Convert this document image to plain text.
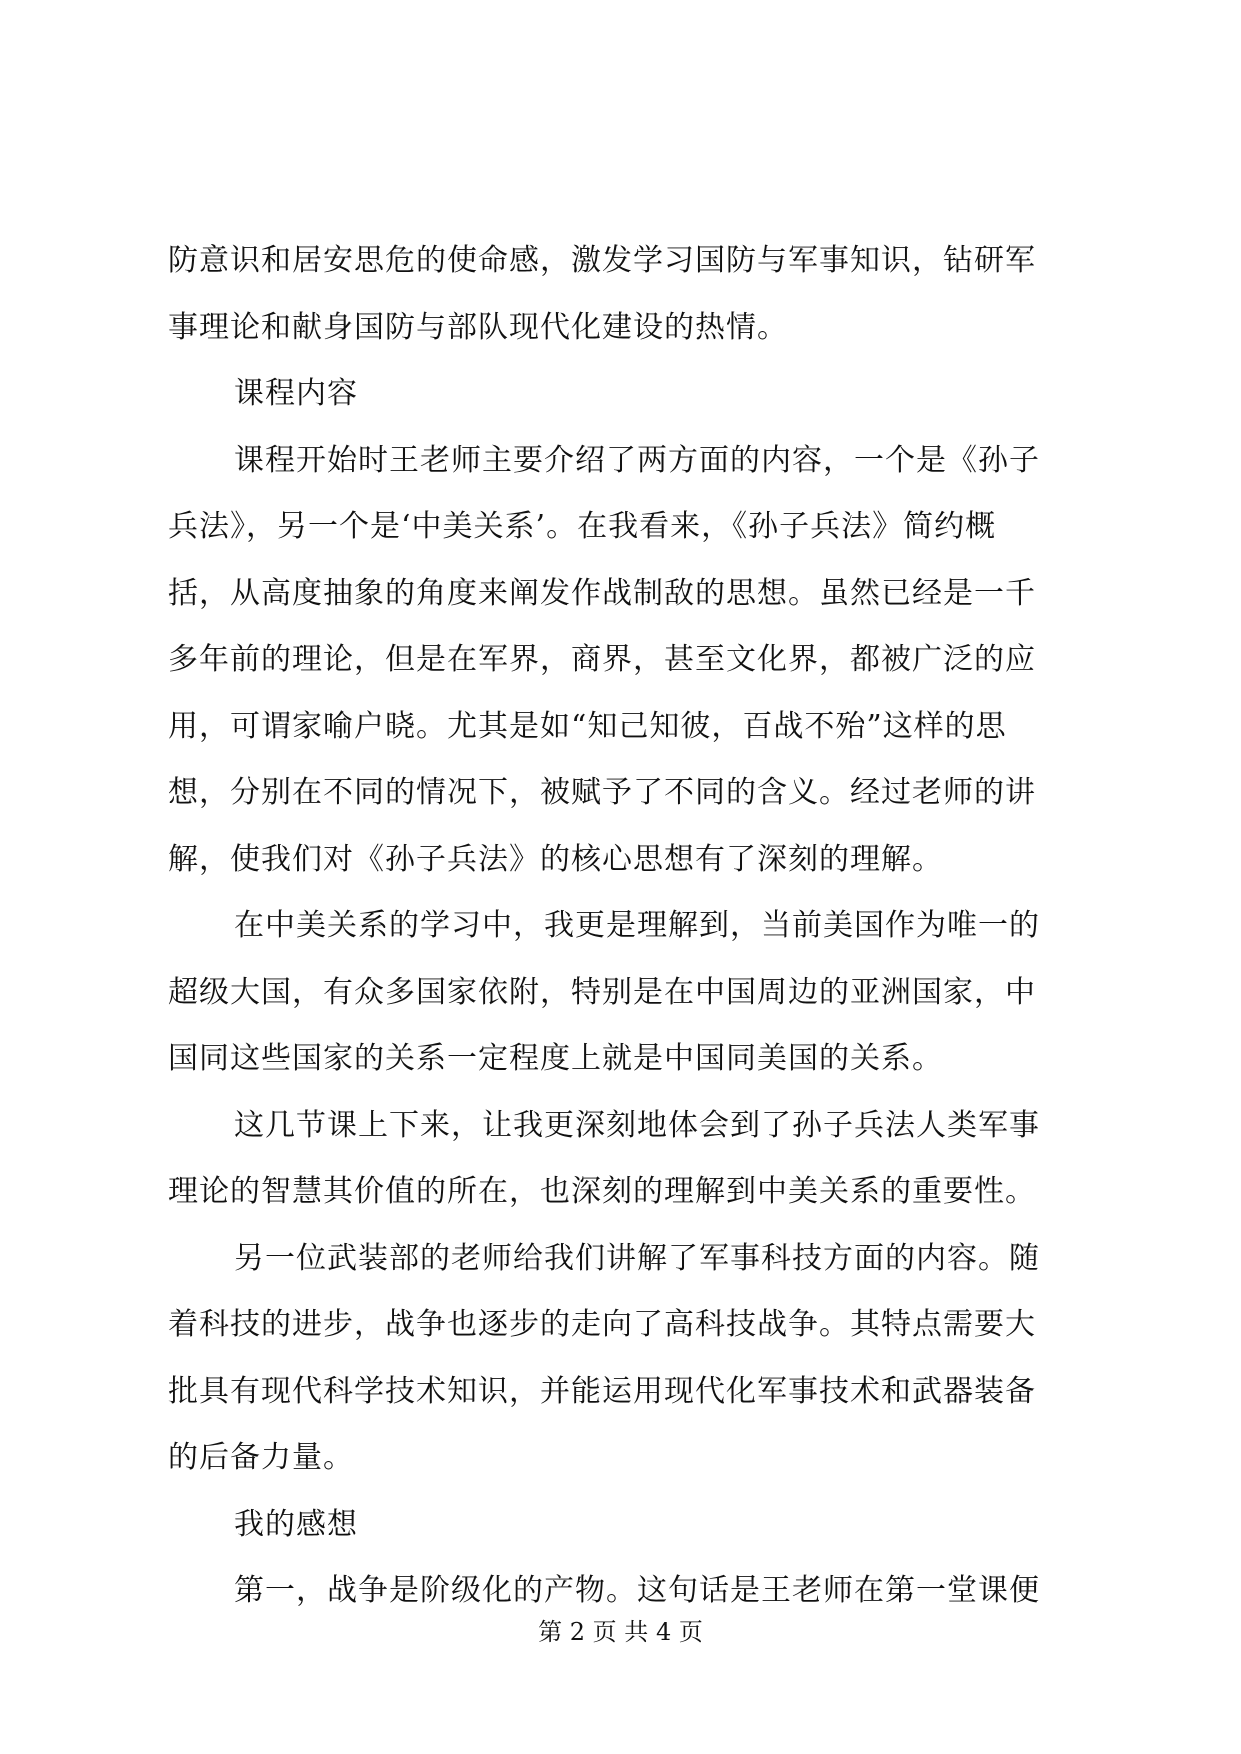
防意识和居安思危的使命感，激发学习国防与军事知识，钻研军
事理论和献身国防与部队现代化建设的热情。
课程内容
课程开始时王老师主要介绍了两方面的内容，一个是《孙子
兵法》，另一个是‘中美关系’。在我看来，《孙子兵法》简约概
括，从高度抽象的角度来阐发作战制敌的思想。虽然已经是一千
多年前的理论，但是在军界，商界，甚至文化界，都被广泛的应
用，可谓家喻户晓。尤其是如“知己知彼，百战不殆”这样的思
想，分别在不同的情况下，被赋予了不同的含义。经过老师的讲
解，使我们对《孙子兵法》的核心思想有了深刻的理解。
在中美关系的学习中，我更是理解到，当前美国作为唯一的
超级大国，有众多国家依附，特别是在中国周边的亚洲国家，中
国同这些国家的关系一定程度上就是中国同美国的关系。
这几节课上下来，让我更深刻地体会到了孙子兵法人类军事
理论的智慧其价值的所在，也深刻的理解到中美关系的重要性。
另一位武装部的老师给我们讲解了军事科技方面的内容。随
着科技的进步，战争也逐步的走向了高科技战争。其特点需要大
批具有现代科学技术知识，并能运用现代化军事技术和武器装备
的后备力量。
我的感想
第一，战争是阶级化的产物。这句话是王老师在第一堂课便
第 2 页 共 4 页
